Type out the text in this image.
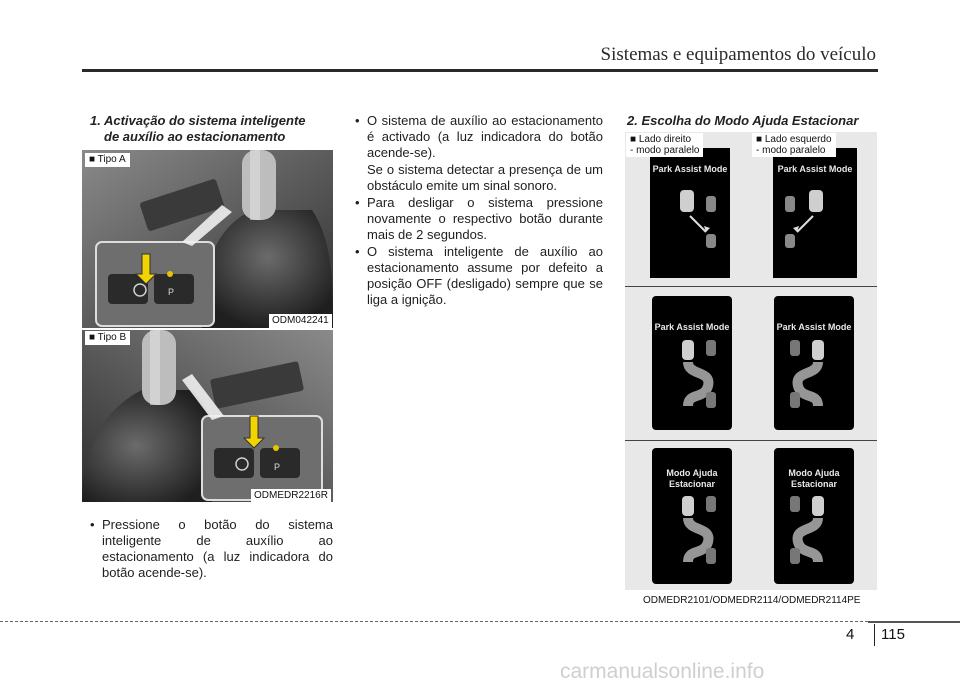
Sistemas e equipamentos do veículo
1. Activação do sistema inteligente
de auxílio ao estacionamento
P
■ Tipo A
ODM042241
P
■ Tipo B
ODMEDR2216R
• Pressione o botão do sistema inteligente de auxílio ao estacionamento (a luz indicadora do botão acende-se).
• O sistema de auxílio ao estacionamento é activado (a luz indicadora do botão acende-se).
Se o sistema detectar a presença de um obstáculo emite um sinal sonoro.
• Para desligar o sistema pressione novamente o respectivo botão durante mais de 2 segundos.
• O sistema inteligente de auxílio ao estacionamento assume por defeito a posição OFF (desligado) sempre que se liga a ignição.
2. Escolha do Modo Ajuda Estacionar
Park Assist Mode	Park Assist Mode
■ Lado direito
- modo paralelo
■ Lado esquerdo
- modo paralelo
Park Assist Mode	Park Assist Mode
Modo Ajuda
Estacionar
Modo Ajuda
Estacionar
ODMEDR2101/ODMEDR2114/ODMEDR2114PE
4 115
carmanualsonline.info
